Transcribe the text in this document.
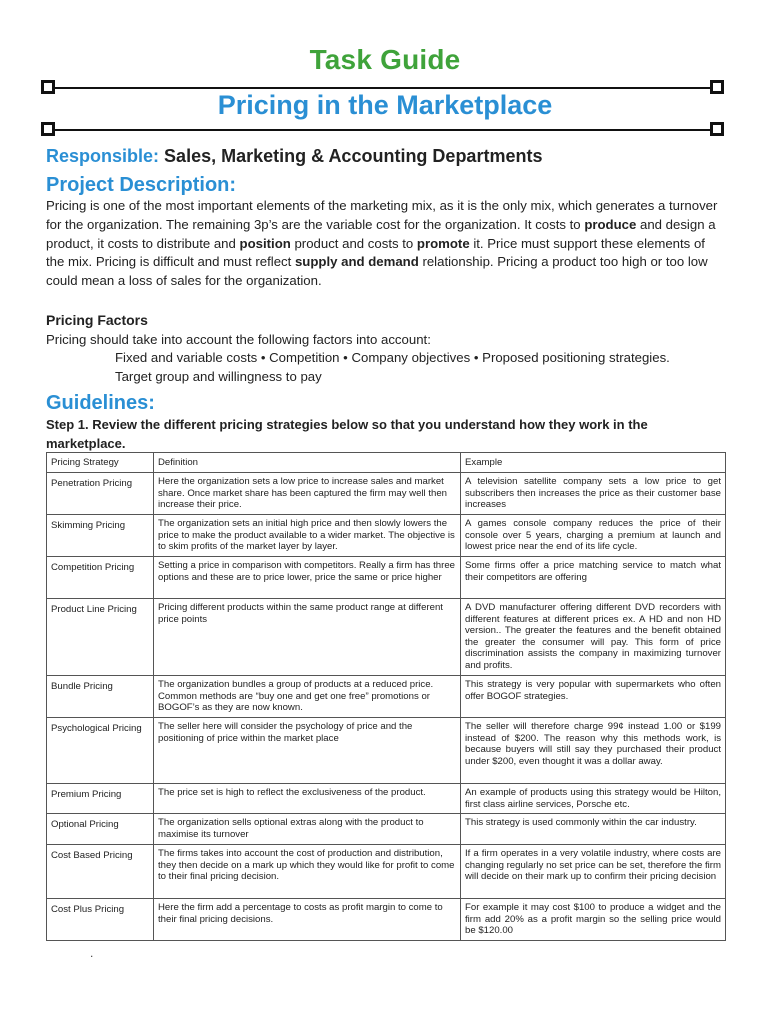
Task Guide
Pricing in the Marketplace
Responsible: Sales, Marketing & Accounting Departments
Project Description:
Pricing is one of the most important elements of the marketing mix, as it is the only mix, which generates a turnover for the organization. The remaining 3p’s are the variable cost for the organization. It costs to produce and design a product, it costs to distribute and position product and costs to promote it. Price must support these elements of the mix. Pricing is difficult and must reflect supply and demand relationship. Pricing a product too high or too low could mean a loss of sales for the organization.
Pricing Factors
Pricing should take into account the following factors into account:
Fixed and variable costs • Competition • Company objectives • Proposed positioning strategies.
Target group and willingness to pay
Guidelines:
Step 1. Review the different pricing strategies below so that you understand how they work in the marketplace.
Pricing Strategy	Definition	Example
Penetration Pricing	Here the organization sets a low price to increase sales and market share. Once market share has been captured the firm may well then increase their price.	A television satellite company sets a low price to get subscribers then increases the price as their customer base increases
Skimming Pricing	The organization sets an initial high price and then slowly lowers the price to make the product available to a wider market. The objective is to skim profits of the market layer by layer.	A games console company reduces the price of their console over 5 years, charging a premium at launch and lowest price near the end of its life cycle.
Competition Pricing	Setting a price in comparison with competitors. Really a firm has three options and these are to price lower, price the same or price higher	Some firms offer a price matching service to match what their competitors are offering
Product Line Pricing	Pricing different products within the same product range at different price points	A DVD manufacturer offering different DVD recorders with different features at different prices ex. A HD and non HD version.. The greater the features and the benefit obtained the greater the consumer will pay. This form of price discrimination assists the company in maximizing turnover and profits.
Bundle Pricing	The organization bundles a group of products at a reduced price. Common methods are “buy one and get one free” promotions or BOGOF’s as they are now known.	This strategy is very popular with supermarkets who often offer BOGOF strategies.
Psychological Pricing	The seller here will consider the psychology of price and the positioning of price within the market place	The seller will therefore charge 99¢ instead 1.00 or $199 instead of $200. The reason why this methods work, is because buyers will still say they purchased their product under $200, even thought it was a dollar away.
Premium Pricing	The price set is high to reflect the exclusiveness of the product.	An example of products using this strategy would be Hilton, first class airline services, Porsche etc.
Optional Pricing	The organization sells optional extras along with the product to maximise its turnover	This strategy is used commonly within the car industry.
Cost Based Pricing	The firms takes into account the cost of production and distribution, they then decide on a mark up which they would like for profit to come to their final pricing decision.	If a firm operates in a very volatile industry, where costs are changing regularly no set price can be set, therefore the firm will decide on their mark up to confirm their pricing decision
Cost Plus Pricing	Here the firm add a percentage to costs as profit margin to come to their final pricing decisions.	For example it may cost $100 to produce a widget and the firm add 20% as a profit margin so the selling price would be $120.00
.
